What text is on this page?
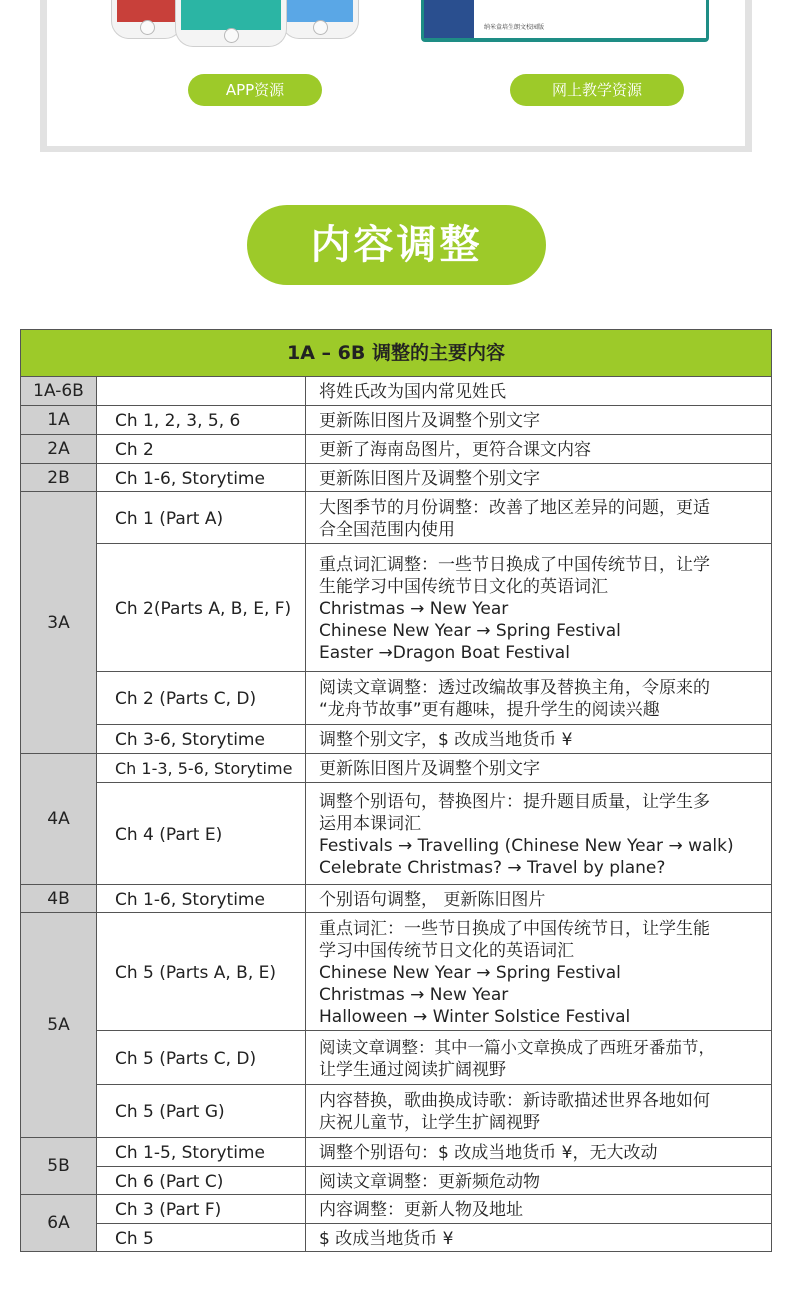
纳米盒培生朗文校园版
APP资源	网上教学资源
内容调整
1A – 6B 调整的主要内容		
1A-6B		将姓氏改为国内常见姓氏

1A	Ch 1, 2, 3, 5, 6	更新陈旧图片及调整个别文字

2A	Ch 2	更新了海南岛图片，更符合课文内容

2B	Ch 1-6, Storytime	更新陈旧图片及调整个别文字

3A	Ch 1 (Part A)	大图季节的月份调整：改善了地区差异的问题，更适
合全国范围内使用

	Ch 2(Parts A, B, E, F)	重点词汇调整：一些节日换成了中国传统节日，让学
生能学习中国传统节日文化的英语词汇
Christmas → New Year
Chinese New Year → Spring Festival
Easter →Dragon Boat Festival

	Ch 2 (Parts C, D)	阅读文章调整：透过改编故事及替换主角，令原来的
“龙舟节故事”更有趣味，提升学生的阅读兴趣

	Ch 3-6, Storytime	调整个别文字，$ 改成当地货币 ¥

4A	Ch 1-3, 5-6, Storytime	更新陈旧图片及调整个别文字

	Ch 4 (Part E)	调整个别语句，替换图片：提升题目质量，让学生多
运用本课词汇
Festivals → Travelling (Chinese New Year → walk)
Celebrate Christmas? → Travel by plane?

4B	Ch 1-6, Storytime	个别语句调整， 更新陈旧图片

5A	Ch 5 (Parts A, B, E)	重点词汇：一些节日换成了中国传统节日，让学生能
学习中国传统节日文化的英语词汇
Chinese New Year → Spring Festival
Christmas → New Year
Halloween → Winter Solstice Festival

	Ch 5 (Parts C, D)	阅读文章调整：其中一篇小文章换成了西班牙番茄节，
让学生通过阅读扩阔视野

	Ch 5 (Part G)	内容替换，歌曲换成诗歌：新诗歌描述世界各地如何
庆祝儿童节，让学生扩阔视野

5B	Ch 1-5, Storytime	调整个别语句：$ 改成当地货币 ¥，无大改动

	Ch 6 (Part C)	阅读文章调整：更新频危动物

6A	Ch 3 (Part F)	内容调整：更新人物及地址

	Ch 5	$ 改成当地货币 ¥
